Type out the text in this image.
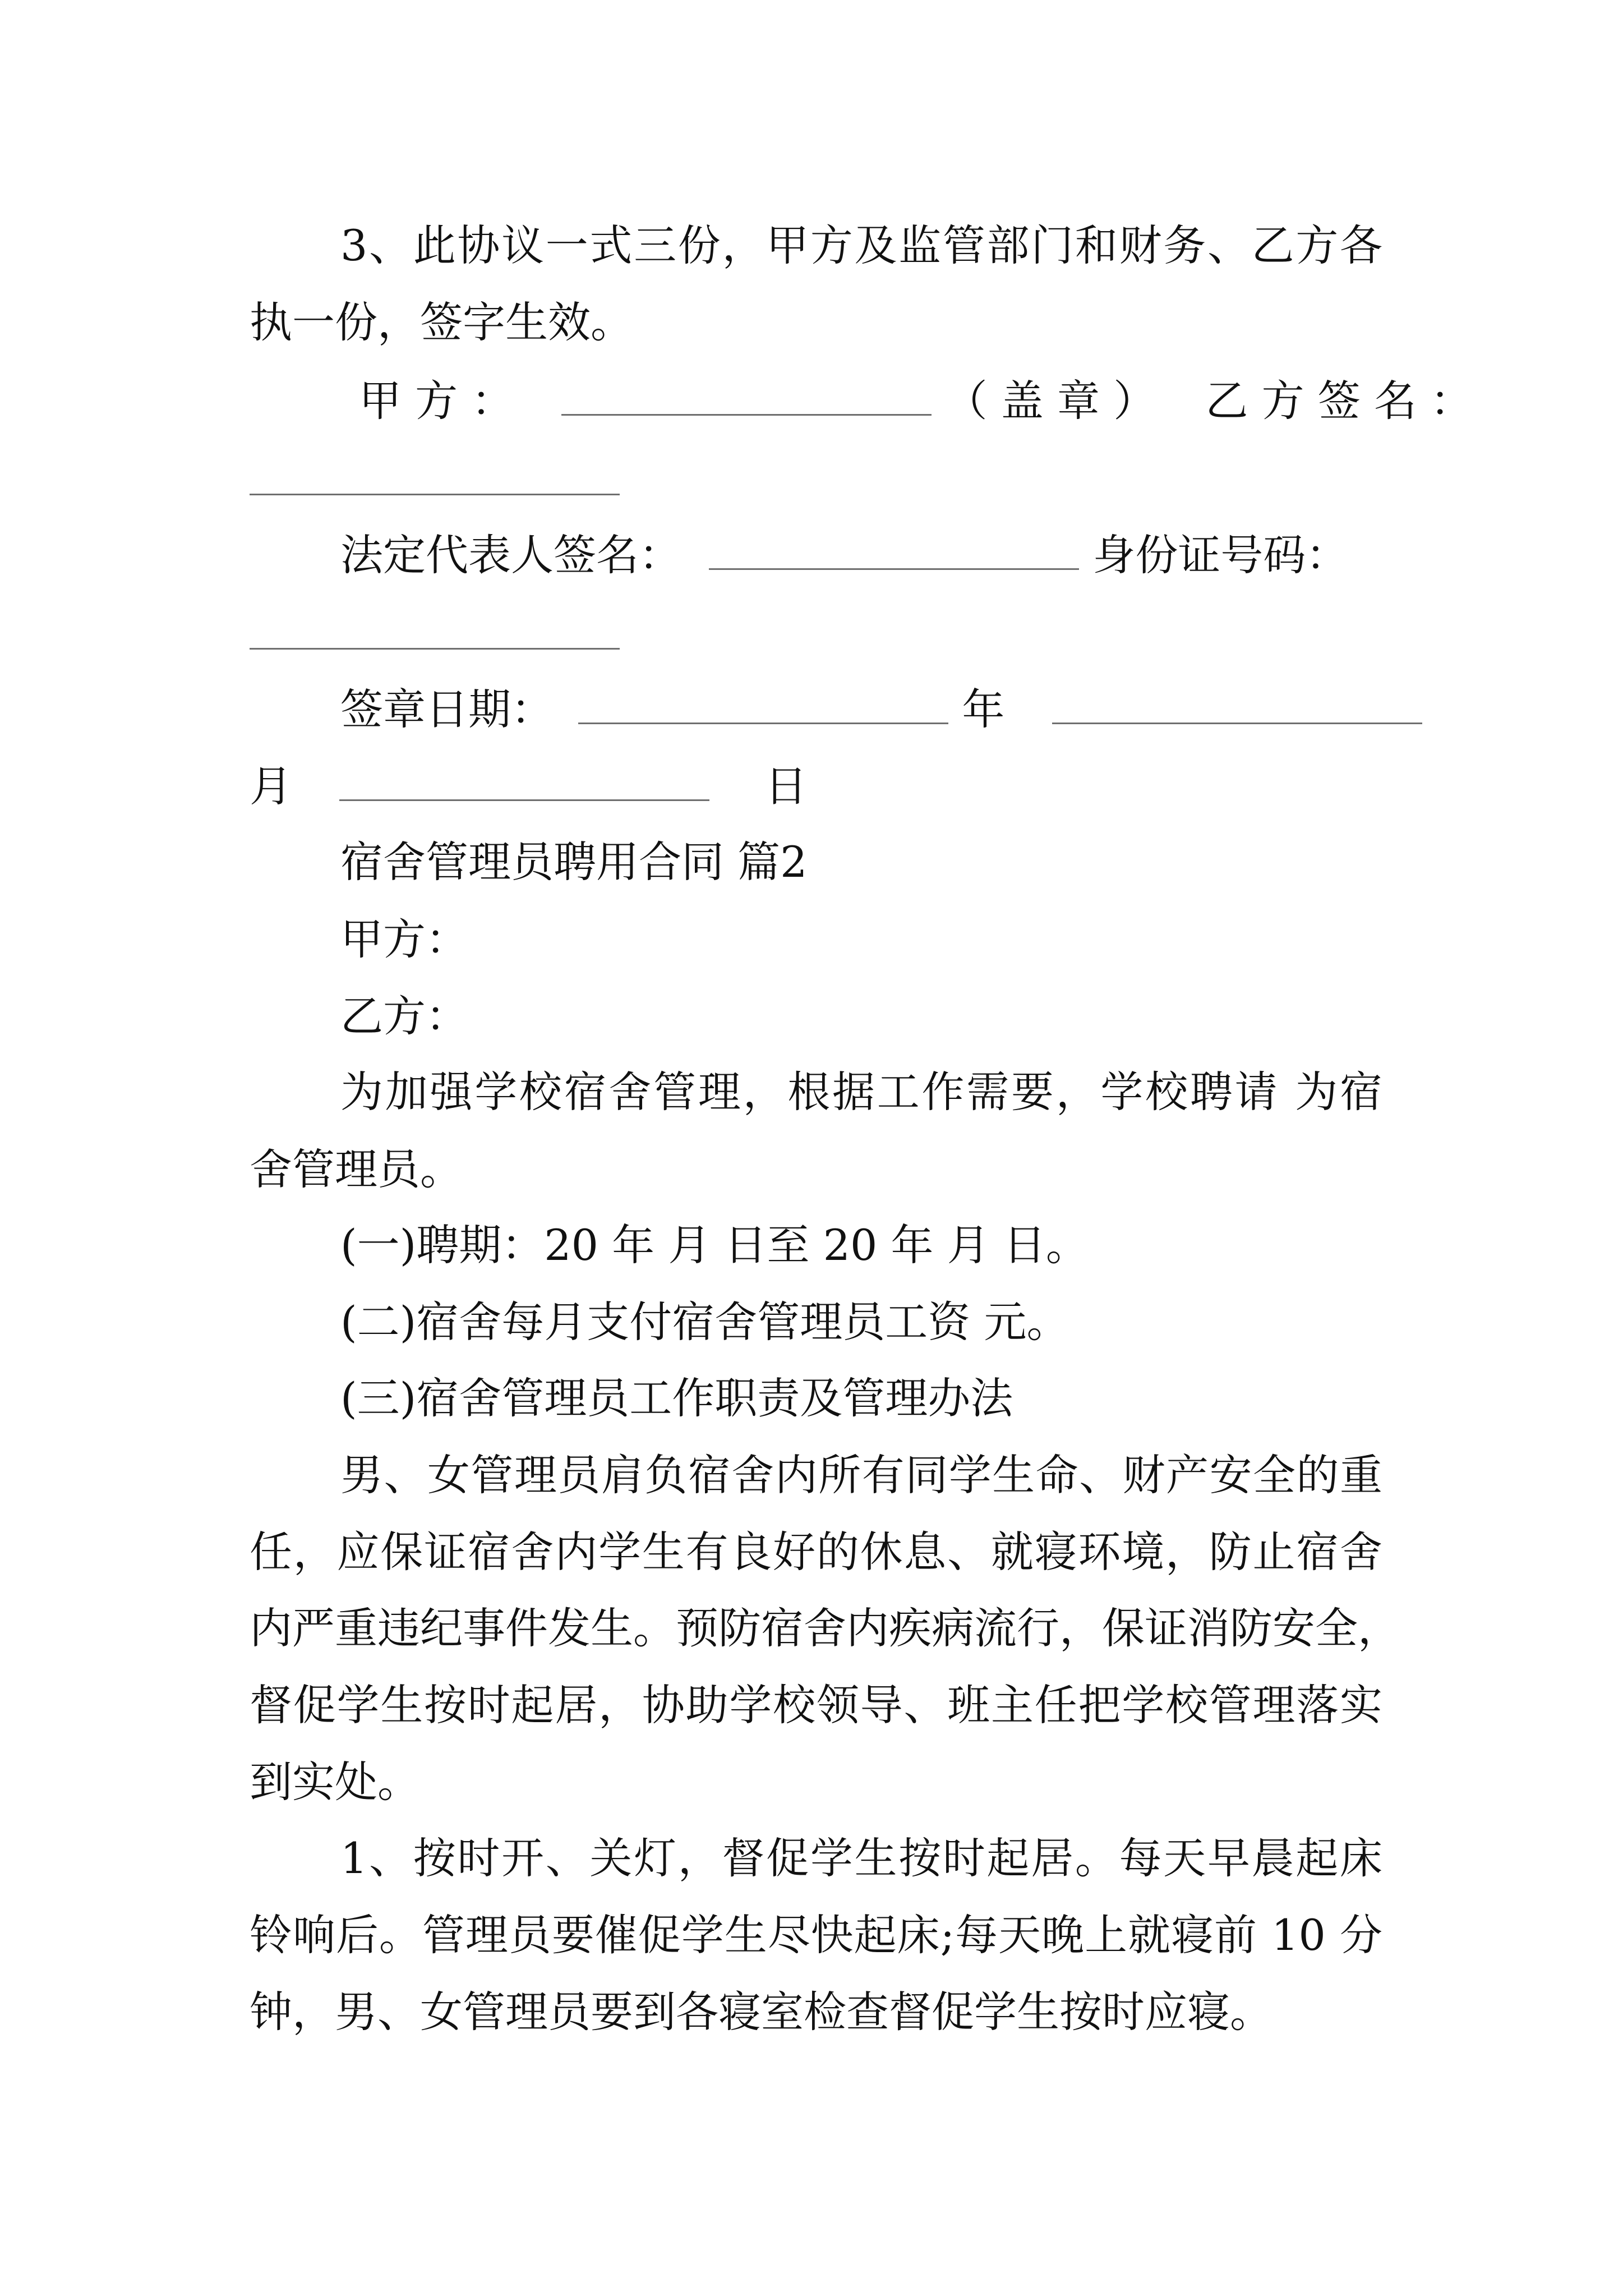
3、此协议一式三份，甲方及监管部门和财务、乙方各
执一份，签字生效。
甲 方 ：	（ 盖 章 ） 乙 方 签 名 ：
法定代表人签名：	身份证号码：
签章日期：	年
月	日
宿舍管理员聘用合同 篇2
甲方：
乙方：
为加强学校宿舍管理，根据工作需要，学校聘请 为宿
舍管理员。
(一)聘期：20 年 月 日至 20 年 月 日。
(二)宿舍每月支付宿舍管理员工资 元。
(三)宿舍管理员工作职责及管理办法
男、女管理员肩负宿舍内所有同学生命、财产安全的重
任，应保证宿舍内学生有良好的休息、就寝环境，防止宿舍
内严重违纪事件发生。预防宿舍内疾病流行，保证消防安全，
督促学生按时起居，协助学校领导、班主任把学校管理落实
到实处。
1、按时开、关灯，督促学生按时起居。每天早晨起床
铃响后。管理员要催促学生尽快起床;每天晚上就寝前 10 分
钟，男、女管理员要到各寝室检查督促学生按时应寝。
